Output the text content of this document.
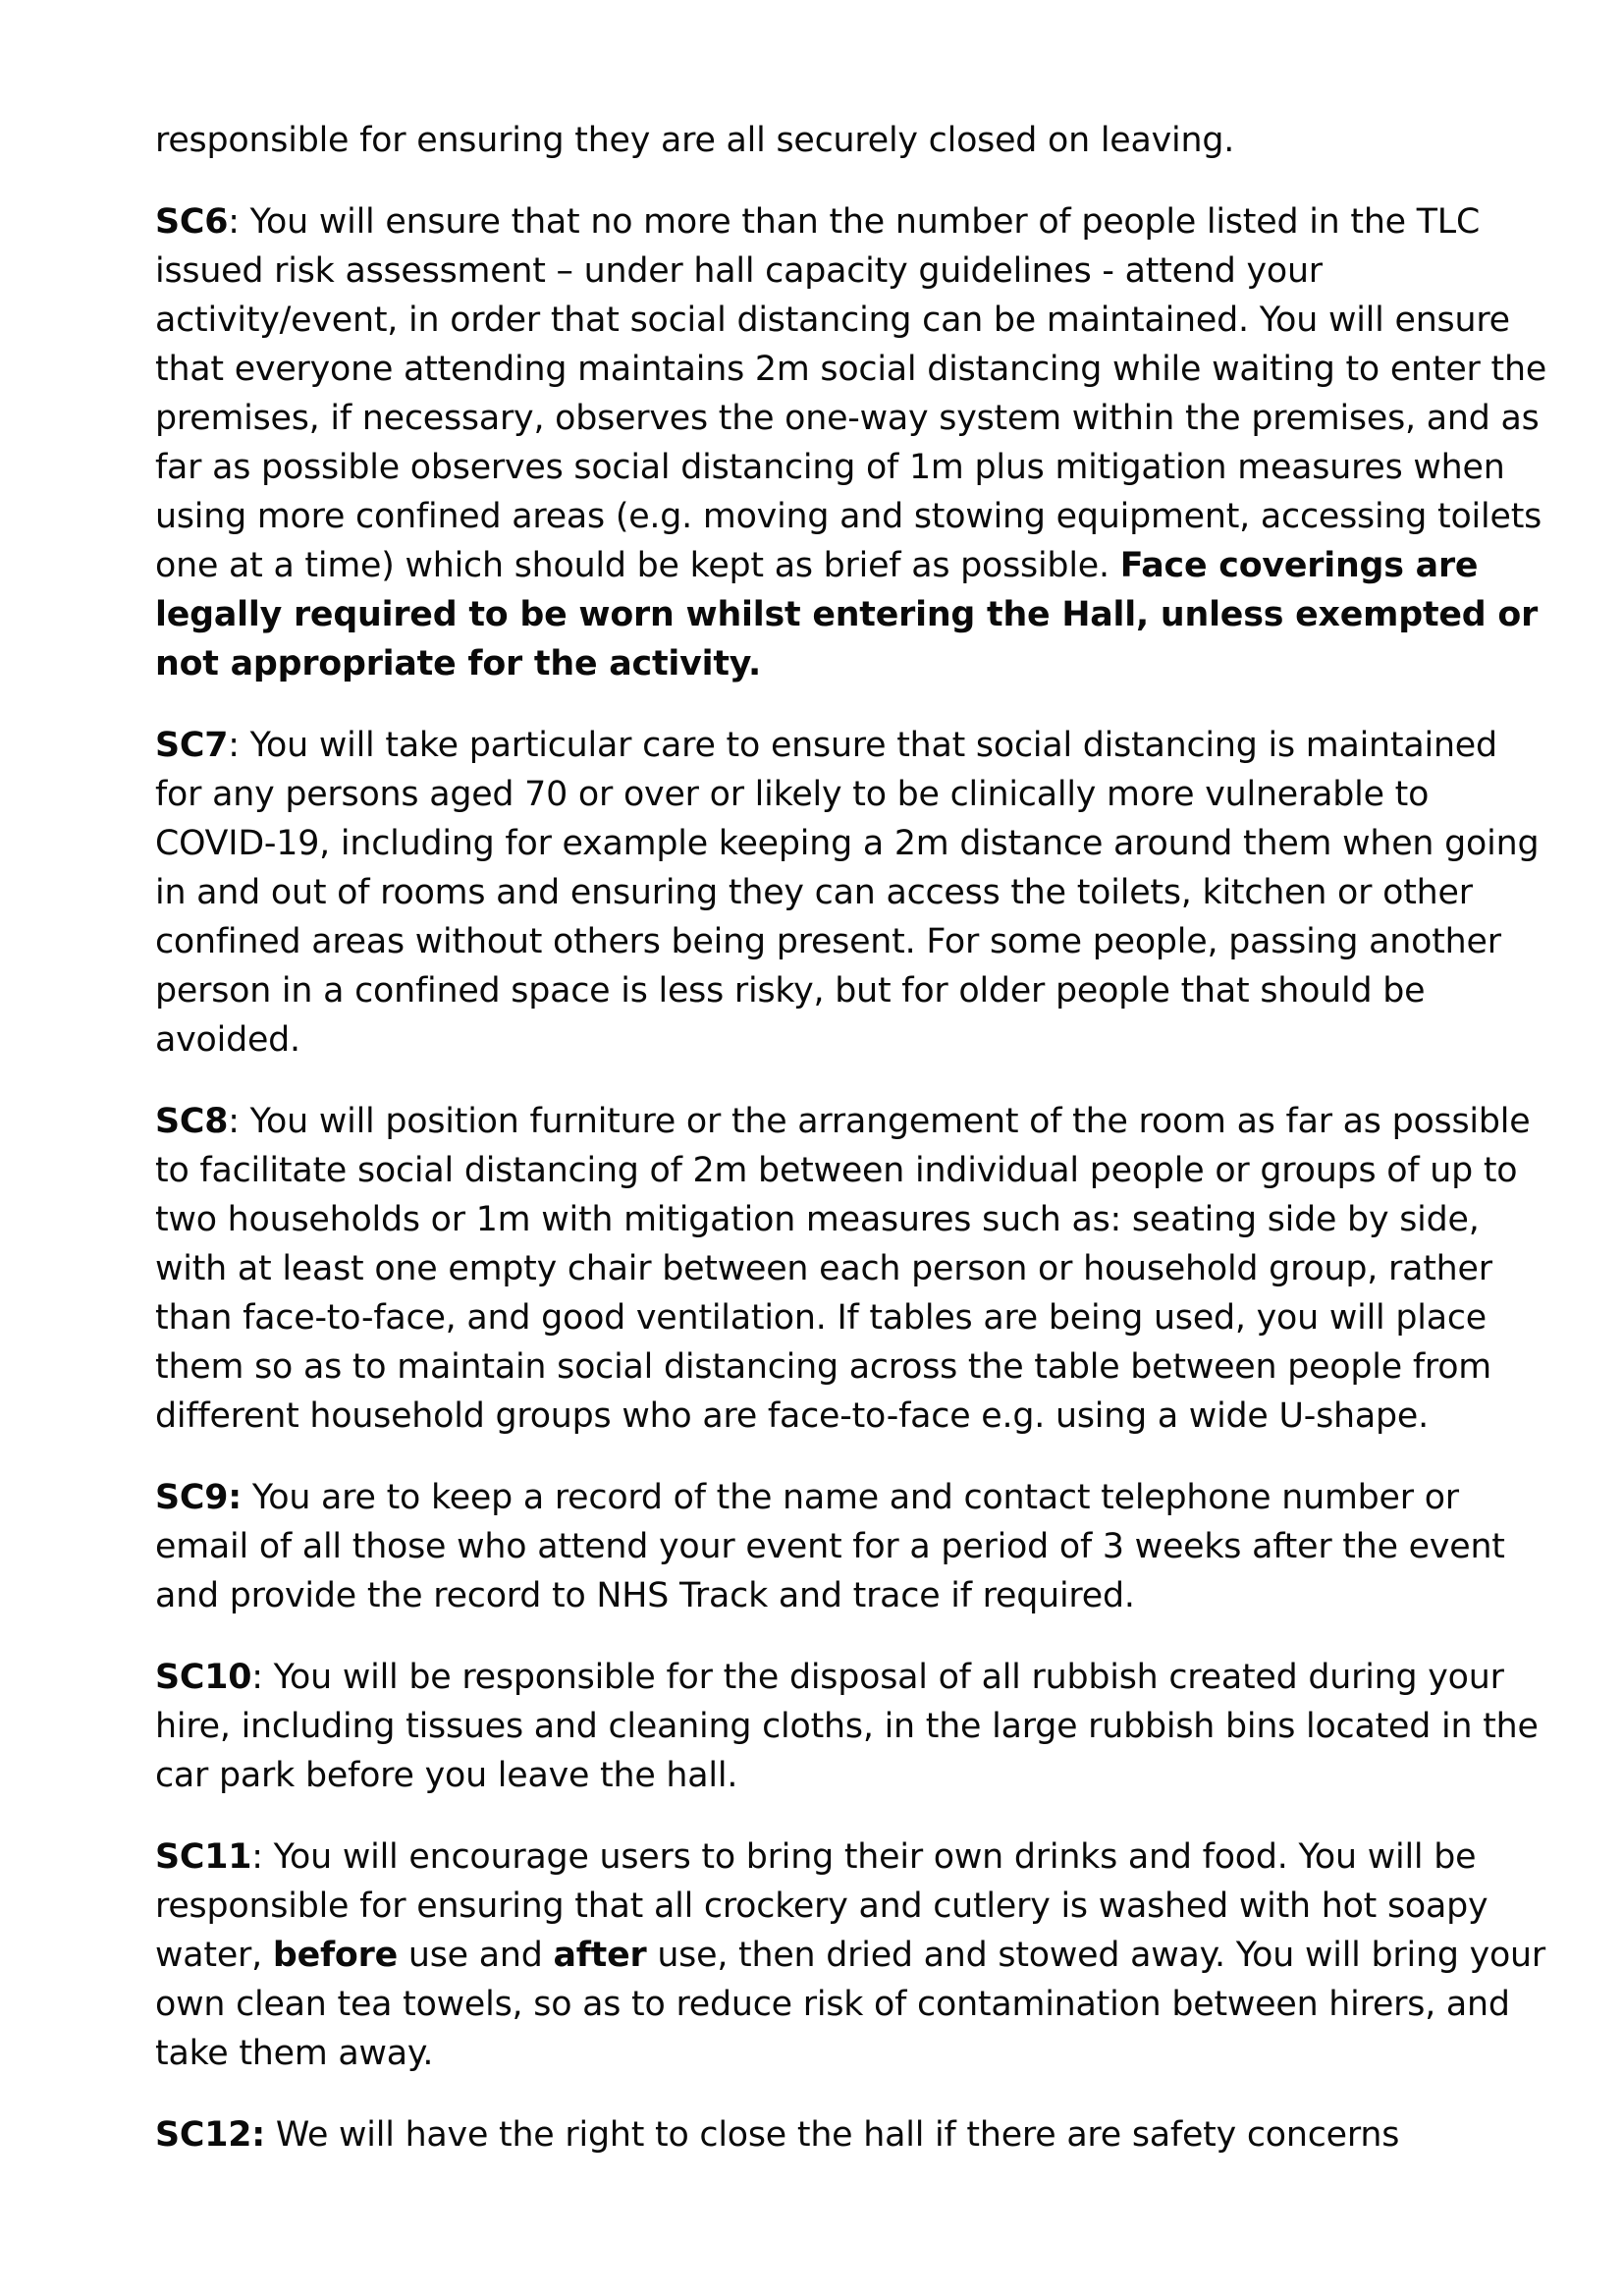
responsible for ensuring they are all securely closed on leaving.

SC6: You will ensure that no more than the number of people listed in the TLC issued risk assessment – under hall capacity guidelines - attend your activity/event, in order that social distancing can be maintained. You will ensure that everyone attending maintains 2m social distancing while waiting to enter the premises, if necessary, observes the one-way system within the premises, and as far as possible observes social distancing of 1m plus mitigation measures when using more confined areas (e.g. moving and stowing equipment, accessing toilets one at a time) which should be kept as brief as possible. Face coverings are legally required to be worn whilst entering the Hall, unless exempted or not appropriate for the activity.

SC7: You will take particular care to ensure that social distancing is maintained for any persons aged 70 or over or likely to be clinically more vulnerable to COVID-19, including for example keeping a 2m distance around them when going in and out of rooms and ensuring they can access the toilets, kitchen or other confined areas without others being present. For some people, passing another person in a confined space is less risky, but for older people that should be avoided.

SC8: You will position furniture or the arrangement of the room as far as possible to facilitate social distancing of 2m between individual people or groups of up to two households or 1m with mitigation measures such as: seating side by side, with at least one empty chair between each person or household group, rather than face-to-face, and good ventilation. If tables are being used, you will place them so as to maintain social distancing across the table between people from different household groups who are face-to-face e.g. using a wide U-shape.

SC9: You are to keep a record of the name and contact telephone number or email of all those who attend your event for a period of 3 weeks after the event and provide the record to NHS Track and trace if required.

SC10: You will be responsible for the disposal of all rubbish created during your hire, including tissues and cleaning cloths, in the large rubbish bins located in the car park before you leave the hall.

SC11: You will encourage users to bring their own drinks and food. You will be responsible for ensuring that all crockery and cutlery is washed with hot soapy water, before use and after use, then dried and stowed away. You will bring your own clean tea towels, so as to reduce risk of contamination between hirers, and take them away.

SC12: We will have the right to close the hall if there are safety concerns
